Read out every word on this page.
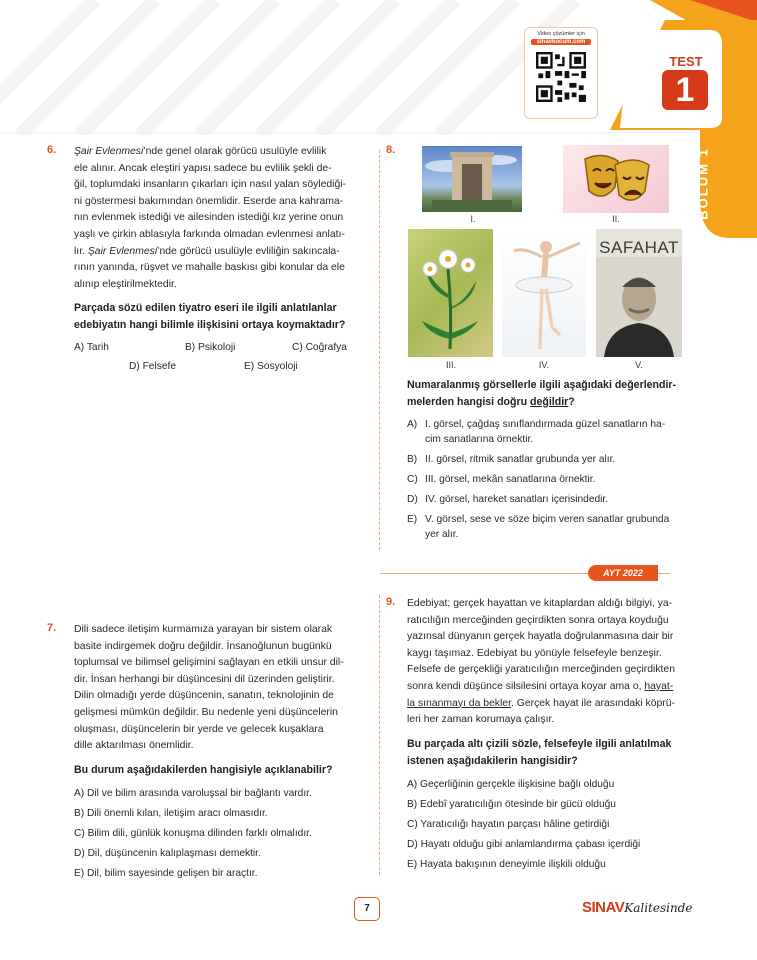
TEST
1
BÖLÜM 1
Video çözümler için
sinavkocum.com
6. Şair Evlenmesi’nde genel olarak görücü usulüyle evlilik

ele alınır. Ancak eleştiri yapısı sadece bu evlilik şekli de-

ğil, toplumdaki insanların çıkarları için nasıl yalan söylediği-

ni göstermesi bakımından önemlidir. Eserde ana kahrama-

nın evlenmek istediği ve ailesinden istediği kız yerine onun

yaşlı ve çirkin ablasıyla farkında olmadan evlenmesi anlatı-

lır. Şair Evlenmesi’nde görücü usulüyle evliliğin sakıncala-

rının yanında, rüşvet ve mahalle baskısı gibi konular da ele

alınıp eleştirilmektedir.

Parçada sözü edilen tiyatro eseri ile ilgili anlatılanlar
edebiyatın hangi bilimle ilişkisini ortaya koymaktadır?
A) Tarih	B) Psikoloji	C) Coğrafya
D) Felsefe	E) Sosyoloji
7. Dili sadece iletişim kurmamıza yarayan bir sistem olarak

basite indirgemek doğru değildir. İnsanoğlunun bugünkü

toplumsal ve bilimsel gelişimini sağlayan en etkili unsur dil-

dir. İnsan herhangi bir düşüncesini dil üzerinden geliştirir.

Dilin olmadığı yerde düşüncenin, sanatın, teknolojinin de

gelişmesi mümkün değildir. Bu nedenle yeni düşüncelerin

oluşması, düşüncelerin bir yerde ve gelecek kuşaklara

dille aktarılması önemlidir.

Bu durum aşağıdakilerden hangisiyle açıklanabilir?
A) Dil ve bilim arasında varoluşsal bir bağlantı vardır.
B) Dili önemli kılan, iletişim aracı olmasıdır.
C) Bilim dili, günlük konuşma dilinden farklı olmalıdır.
D) Dil, düşüncenin kalıplaşması demektir.
E) Dil, bilim sayesinde gelişen bir araçtır.
8.
I.	II.
III.	IV.
SAFAHAT
V.
Numaralanmış görsellerle ilgili aşağıdaki değerlendir-
melerden hangisi doğru değildir?
A) I. görsel, çağdaş sınıflandırmada güzel sanatların ha-
cim sanatlarına örnektir.
B) II. görsel, ritmik sanatlar grubunda yer alır.
C) III. görsel, mekân sanatlarına örnektir.
D) IV. görsel, hareket sanatları içerisindedir.
E) V. görsel, sese ve söze biçim veren sanatlar grubunda
yer alır.
AYT 2022
9. Edebiyat; gerçek hayattan ve kitaplardan aldığı bilgiyi, ya-

ratıcılığın merceğinden geçirdikten sonra ortaya koyduğu

yazınsal dünyanın gerçek hayatla doğrulanmasına dair bir

kaygı taşımaz. Edebiyat bu yönüyle felsefeyle benzeşir.

Felsefe de gerçekliği yaratıcılığın merceğinden geçirdikten

sonra kendi düşünce silsilesini ortaya koyar ama o, hayat-

la sınanmayı da bekler. Gerçek hayat ile arasındaki köprü-

leri her zaman korumaya çalışır.

Bu parçada altı çizili sözle, felsefeyle ilgili anlatılmak
istenen aşağıdakilerin hangisidir?
A) Geçerliğinin gerçekle ilişkisine bağlı olduğu
B) Edebî yaratıcılığın ötesinde bir gücü olduğu
C) Yaratıcılığı hayatın parçası hâline getirdiği
D) Hayatı olduğu gibi anlamlandırma çabası içerdiği
E) Hayata bakışının deneyimle ilişkili olduğu
7	SINAVKalitesinde
